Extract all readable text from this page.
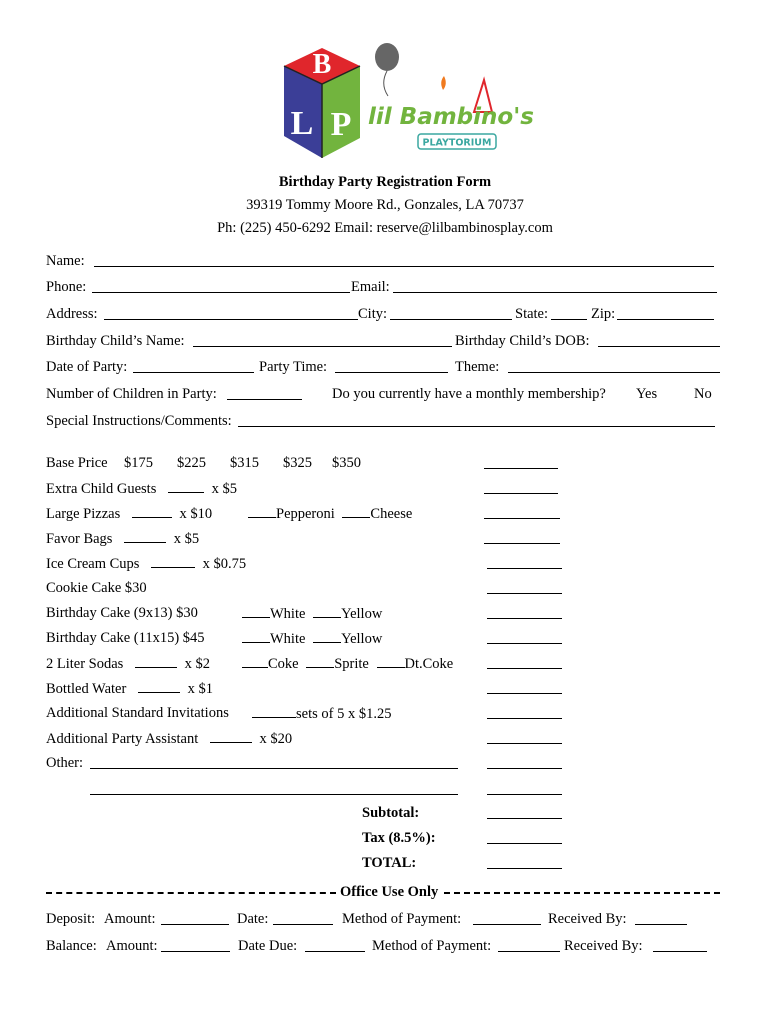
B
L P lil Bambino's
PLAYTORIUM
Birthday Party Registration Form
39319 Tommy Moore Rd., Gonzales, LA 70737
Ph: (225) 450-6292 Email: reserve@lilbambinosplay.com
Name:
Phone:	Email:
Address:	City:	State:	Zip:
Birthday Child’s Name:	Birthday Child’s DOB:
Date of Party:	Party Time:	Theme:
Number of Children in Party:	Do you currently have a monthly membership? Yes	No
Special Instructions/Comments:
Base Price $175 $225 $315 $325 $350
Extra Child Guests	x $5
Large Pizzas	x $10	Pepperoni Cheese
Favor Bags	x $5
Ice Cream Cups	x $0.75
Cookie Cake $30
Birthday Cake (9x13) $30	White Yellow
Birthday Cake (11x15) $45	White Yellow
2 Liter Sodas	x $2	Coke Sprite Dt.Coke
Bottled Water	x $1
Additional Standard Invitations	sets of 5 x $1.25
Additional Party Assistant	x $20
Other:
Subtotal:
Tax (8.5%):
TOTAL:
Office Use Only
Deposit: Amount:	Date:	Method of Payment:	Received By:
Balance: Amount:	Date Due:	Method of Payment:	Received By:
